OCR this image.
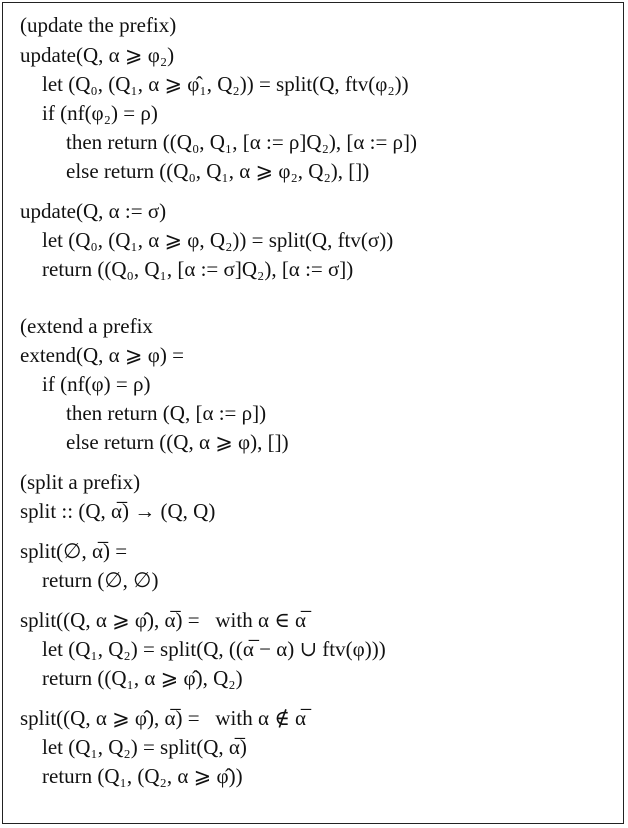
(update the prefix)
update(Q, α ⩾ φ₂)
let (Q₀, (Q₁, α ⩾ φ̂₁, Q₂)) = split(Q, ftv(φ₂))
if (nf(φ₂) = ρ)
then return ((Q₀, Q₁, [α := ρ]Q₂), [α := ρ])
else return ((Q₀, Q₁, α ⩾ φ₂, Q₂), [])
update(Q, α := σ)
let (Q₀, (Q₁, α ⩾ φ, Q₂)) = split(Q, ftv(σ))
return ((Q₀, Q₁, [α := σ]Q₂), [α := σ])
(extend a prefix
extend(Q, α ⩾ φ) =
if (nf(φ) = ρ)
then return (Q, [α := ρ])
else return ((Q, α ⩾ φ), [])
(split a prefix)
split :: (Q, α̅) → (Q, Q)
split(∅, α̅) =
return (∅, ∅)
split((Q, α ⩾ φ̂), α̅) =   with α ∈ α̅
let (Q₁, Q₂) = split(Q, ((α̅ − α) ∪ ftv(φ)))
return ((Q₁, α ⩾ φ̂), Q₂)
split((Q, α ⩾ φ̂), α̅) =   with α ∉ α̅
let (Q₁, Q₂) = split(Q, α̅)
return (Q₁, (Q₂, α ⩾ φ̂))
